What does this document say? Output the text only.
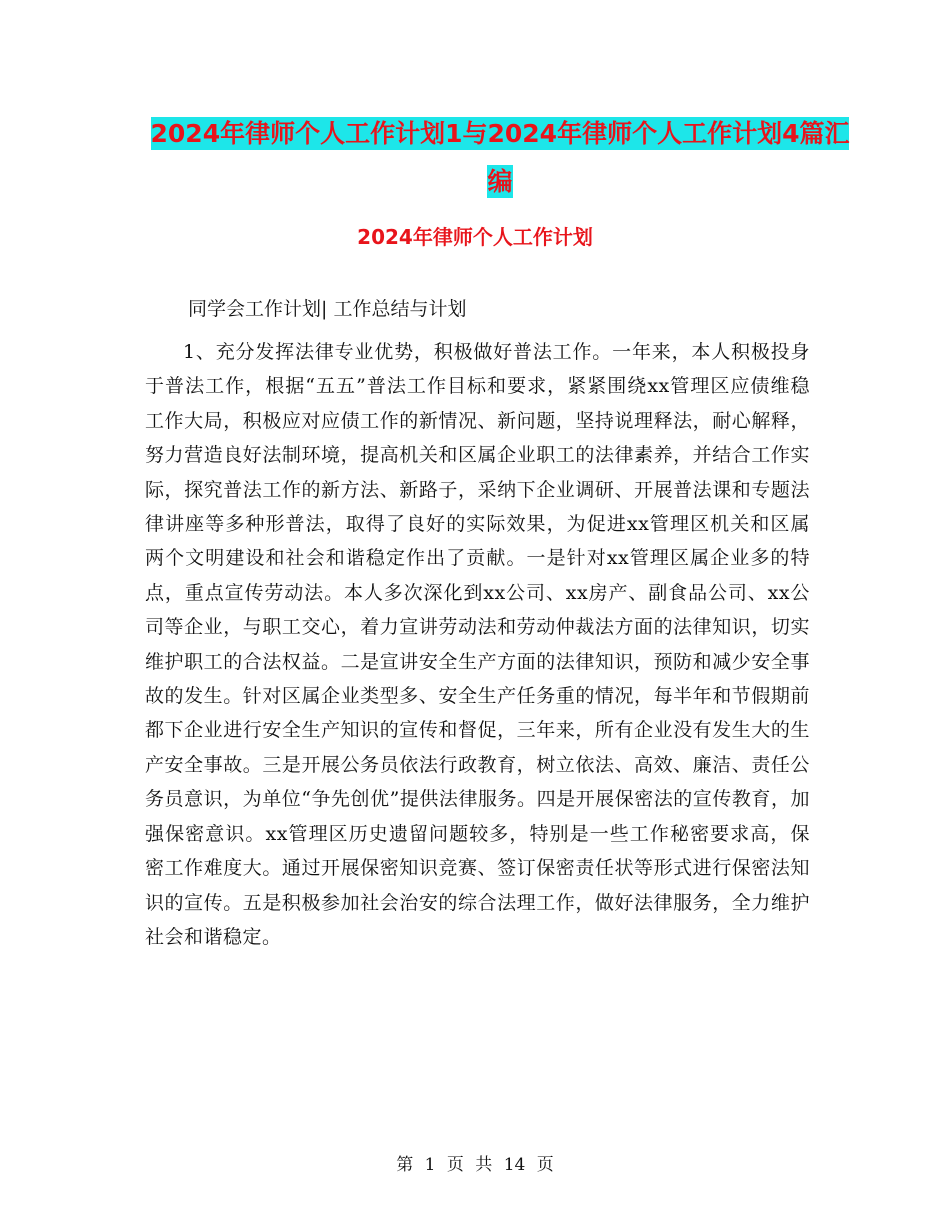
2024年律师个人工作计划1与2024年律师个人工作计划4篇汇编
2024年律师个人工作计划

同学会工作计划| 工作总结与计划

1、充分发挥法律专业优势，积极做好普法工作。一年来，本人积极投身于普法工作，根据“五五”普法工作目标和要求，紧紧围绕xx管理区应债维稳工作大局，积极应对应债工作的新情况、新问题，坚持说理释法，耐心解释，努力营造良好法制环境，提高机关和区属企业职工的法律素养，并结合工作实际，探究普法工作的新方法、新路子，采纳下企业调研、开展普法课和专题法律讲座等多种形普法，取得了良好的实际效果，为促进xx管理区机关和区属两个文明建设和社会和谐稳定作出了贡献。一是针对xx管理区属企业多的特点，重点宣传劳动法。本人多次深化到xx公司、xx房产、副食品公司、xx公司等企业，与职工交心，着力宣讲劳动法和劳动仲裁法方面的法律知识，切实维护职工的合法权益。二是宣讲安全生产方面的法律知识，预防和减少安全事故的发生。针对区属企业类型多、安全生产任务重的情况，每半年和节假期前都下企业进行安全生产知识的宣传和督促，三年来，所有企业没有发生大的生产安全事故。三是开展公务员依法行政教育，树立依法、高效、廉洁、责任公务员意识，为单位“争先创优”提供法律服务。四是开展保密法的宣传教育，加强保密意识。xx管理区历史遗留问题较多，特别是一些工作秘密要求高，保密工作难度大。通过开展保密知识竞赛、签订保密责任状等形式进行保密法知识的宣传。五是积极参加社会治安的综合法理工作，做好法律服务，全力维护社会和谐稳定。

第 1 页 共 14 页
